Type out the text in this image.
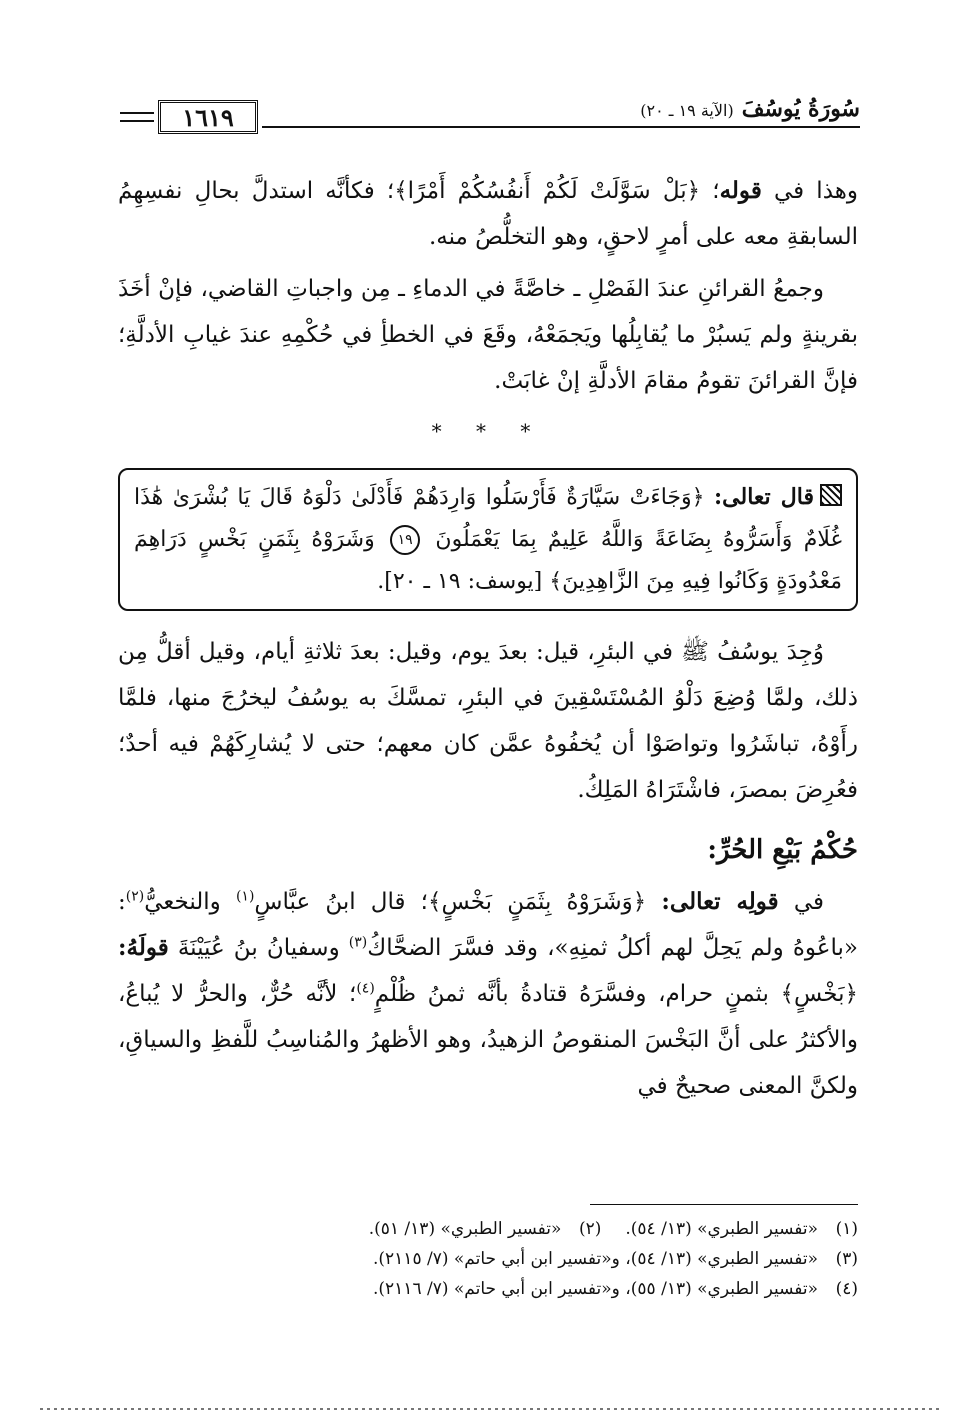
١٦١٩	سُورَةُ يُوسُفَ
(الآية ١٩ ـ ٢٠)

وهذا في قوله؛ ﴿بَلْ سَوَّلَتْ لَكُمْ أَنفُسُكُمْ أَمْرًا﴾؛ فكأنَّه استدلَّ بحالِ نفسِهِمُ السابقةِ معه على أمرٍ لاحقٍ، وهو التخلُّصُ منه.

وجمعُ القرائنِ عندَ الفَصْلِ ـ خاصَّةً في الدماءِ ـ مِن واجباتِ القاضي، فإنْ أخَذَ بقرينةٍ ولم يَسبُرْ ما يُقابِلُها ويَجمَعْهُ، وقَعَ في الخطأِ في حُكْمِهِ عندَ غيابِ الأدلَّةِ؛ فإنَّ القرائنَ تقومُ مقامَ الأدلَّةِ إنْ غابَتْ.

* * *

قال تعالى: ﴿وَجَاءَتْ سَيَّارَةٌ فَأَرْسَلُوا وَارِدَهُمْ فَأَدْلَىٰ دَلْوَهُ قَالَ يَا بُشْرَىٰ هَٰذَا غُلَامٌ وَأَسَرُّوهُ بِضَاعَةً وَاللَّهُ عَلِيمٌ بِمَا يَعْمَلُونَ ١٩ وَشَرَوْهُ بِثَمَنٍ بَخْسٍ دَرَاهِمَ مَعْدُودَةٍ وَكَانُوا فِيهِ مِنَ الزَّاهِدِينَ﴾ [يوسف: ١٩ ـ ٢٠].

وُجِدَ يوسُفُ ﷺ في البئرِ، قيل: بعدَ يوم، وقيل: بعدَ ثلاثةِ أيام، وقيل أقلُّ مِن ذلك، ولمَّا وُضِعَ دَلْوُ المُسْتَسْقِينَ في البئرِ، تمسَّكَ به يوسُفُ ليخرُجَ منها، فلمَّا رأَوْهُ، تباشَرُوا وتواصَوْا أن يُخفُوهُ عمَّن كان معهم؛ حتى لا يُشارِكَهُمْ فيه أحدٌ؛ فعُرِضَ بمصرَ، فاشْتَرَاهُ المَلِكُ.

حُكْمُ بَيْعِ الحُرِّ:

في قولِه تعالى: ﴿وَشَرَوْهُ بِثَمَنٍ بَخْسٍ﴾؛ قال ابنُ عبَّاسٍ$^{(١)}$ والنخعيُّ$^{(٢)}$: «باعُوهُ ولم يَحِلَّ لهم أكلُ ثمنِهِ»، وقد فسَّرَ الضحَّاكُ$^{(٣)}$ وسفيانُ بنُ عُيَيْنَةَ قولَهُ: ﴿بَخْسٍ﴾ بثمنٍ حرام، وفسَّرَهُ قتادةُ بأنَّه ثمنُ ظُلْمٍ$^{(٤)}$؛ لأنَّه حُرٌّ، والحرُّ لا يُباعُ، والأكثرُ على أنَّ البَخْسَ المنقوصُ الزهيدُ، وهو الأظهرُ والمُناسِبُ للَّفظِ والسياقِ، ولكنَّ المعنى صحيحٌ في

(١)«تفسير الطبري» (١٣/ ٥٤).
(٢)«تفسير الطبري» (١٣/ ٥١).
(٣)«تفسير الطبري» (١٣/ ٥٤)، و«تفسير ابن أبي حاتم» (٧/ ٢١١٥).
(٤)«تفسير الطبري» (١٣/ ٥٥)، و«تفسير ابن أبي حاتم» (٧/ ٢١١٦).
